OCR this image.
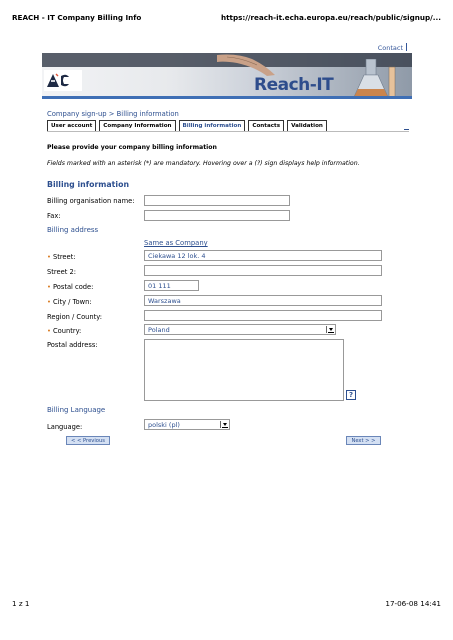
REACH - IT Company Billing Info	https://reach-it.echa.europa.eu/reach/public/signup/...
Contact
Reach-IT
Company sign-up > Billing information
User account	Company Information	Billing information	Contacts	Validation
Please provide your company billing information
Fields marked with an asterisk (*) are mandatory. Hovering over a (?) sign displays help information.
Billing information
Billing organisation name:
Fax:
Billing address
Same as Company
• Street:	Ciekawa 12 lok. 4
Street 2:
• Postal code:	01 111
• City / Town:	Warszawa
Region / County:
• Country:	Poland
Postal address:
?
Billing Language
Language:	polski (pl)
< < Previous	Next > >
1 z 1	17-06-08 14:41
